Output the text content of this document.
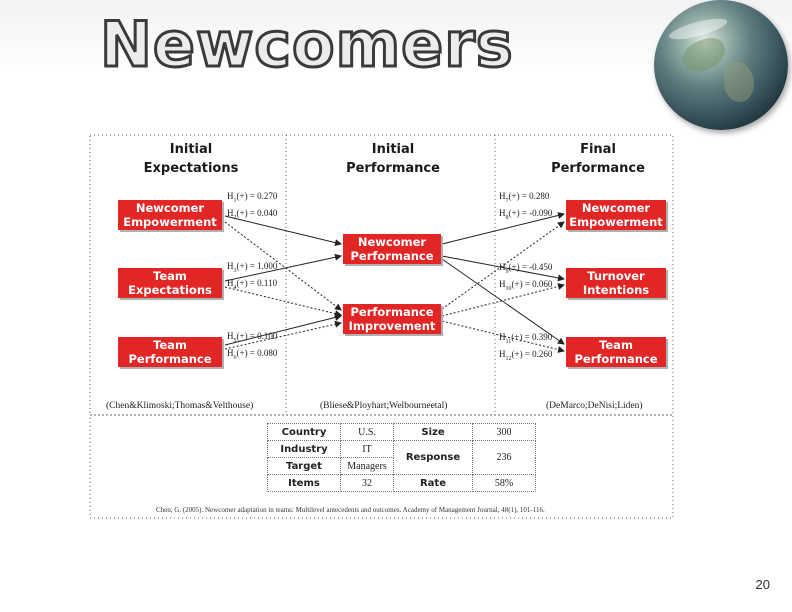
Newcomers
Initial
Expectations
Initial
Performance
Final
Performance
Newcomer
Empowerment
Team
Expectations
Team
Performance
Newcomer
Performance
Performance
Improvement
Newcomer
Empowerment
Turnover
Intentions
Team
Performance
$H_1(+) = 0.270$
$H_2(+) = 0.040$
$H_3(+) = 1.000$
$H_4(+) = 0.110$
$H_5(+) = 0.100$
$H_6(+) = 0.080$
$H_7(+) = 0.280$
$H_8(+) = -0.090$
$H_9(+) = -0.450$
$H_{10}(+) = 0.060$
$H_{11}(+) = 0.390$
$H_{12}(+) = 0.260$
(Chen&Klimoski;Thomas&Velthouse)	(Bliese&Ployhart;Welbourneetal)	(DeMarco;DeNisi;Liden)
Country	U.S.	Size	300
Industry	IT	Response	236
Target	Managers		
Items	32	Rate	58%
Chen, G. (2005). Newcomer adaptation in teams: Multilevel antecedents and outcomes. Academy of Management Journal, 48(1), 101-116.
20
